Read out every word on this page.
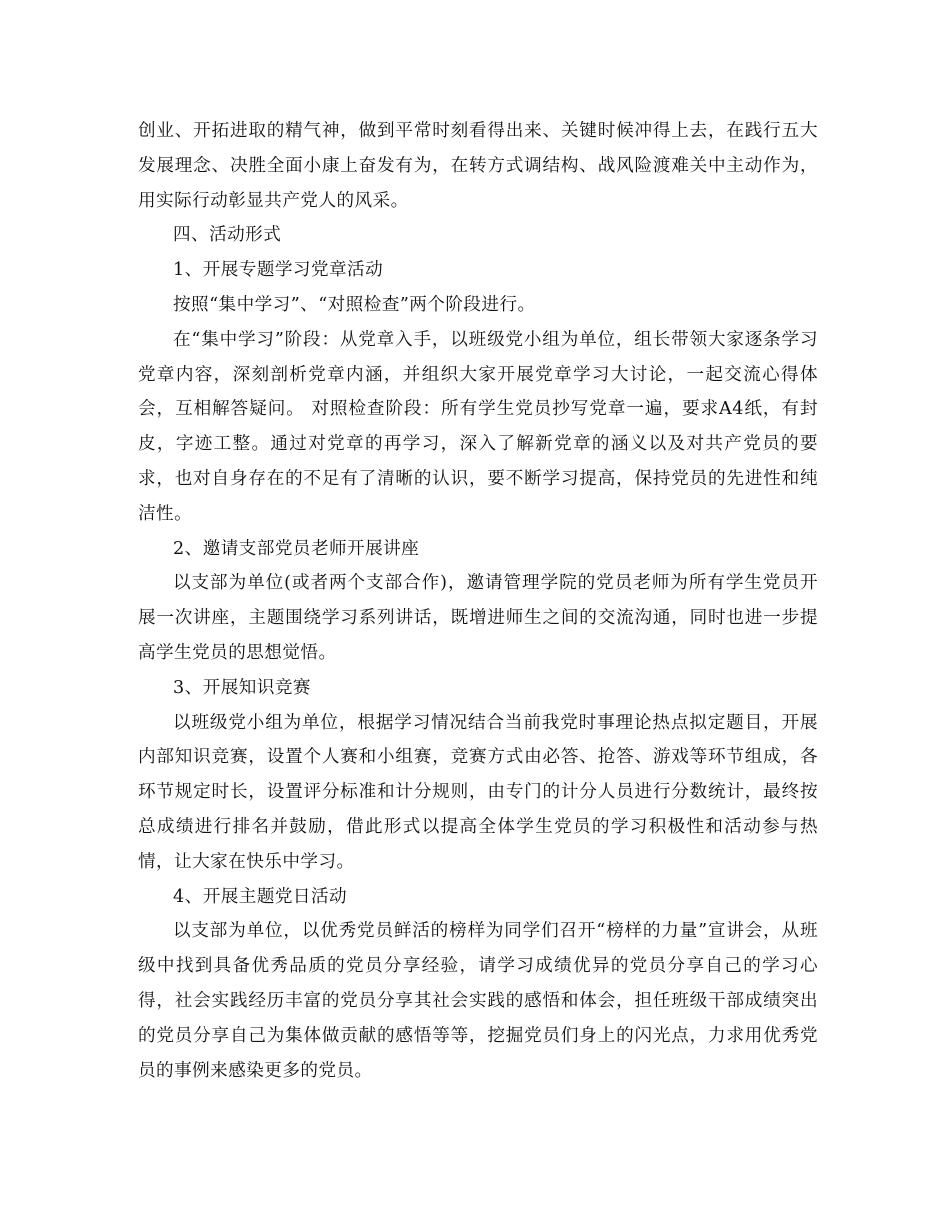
创业、开拓进取的精气神，做到平常时刻看得出来、关键时候冲得上去，在践行五大发展理念、决胜全面小康上奋发有为，在转方式调结构、战风险渡难关中主动作为，用实际行动彰显共产党人的风采。

四、活动形式

1、开展专题学习党章活动

按照“集中学习”、“对照检查”两个阶段进行。

在“集中学习”阶段：从党章入手，以班级党小组为单位，组长带领大家逐条学习党章内容，深刻剖析党章内涵，并组织大家开展党章学习大讨论，一起交流心得体会，互相解答疑问。 对照检查阶段：所有学生党员抄写党章一遍，要求A4纸，有封皮，字迹工整。通过对党章的再学习，深入了解新党章的涵义以及对共产党员的要求，也对自身存在的不足有了清晰的认识，要不断学习提高，保持党员的先进性和纯洁性。

2、邀请支部党员老师开展讲座

以支部为单位(或者两个支部合作)，邀请管理学院的党员老师为所有学生党员开展一次讲座，主题围绕学习系列讲话，既增进师生之间的交流沟通，同时也进一步提高学生党员的思想觉悟。

3、开展知识竞赛

以班级党小组为单位，根据学习情况结合当前我党时事理论热点拟定题目，开展内部知识竞赛，设置个人赛和小组赛，竞赛方式由必答、抢答、游戏等环节组成，各环节规定时长，设置评分标准和计分规则，由专门的计分人员进行分数统计，最终按总成绩进行排名并鼓励，借此形式以提高全体学生党员的学习积极性和活动参与热情，让大家在快乐中学习。

4、开展主题党日活动

以支部为单位，以优秀党员鲜活的榜样为同学们召开“榜样的力量”宣讲会，从班级中找到具备优秀品质的党员分享经验，请学习成绩优异的党员分享自己的学习心得，社会实践经历丰富的党员分享其社会实践的感悟和体会，担任班级干部成绩突出的党员分享自己为集体做贡献的感悟等等，挖掘党员们身上的闪光点，力求用优秀党员的事例来感染更多的党员。
